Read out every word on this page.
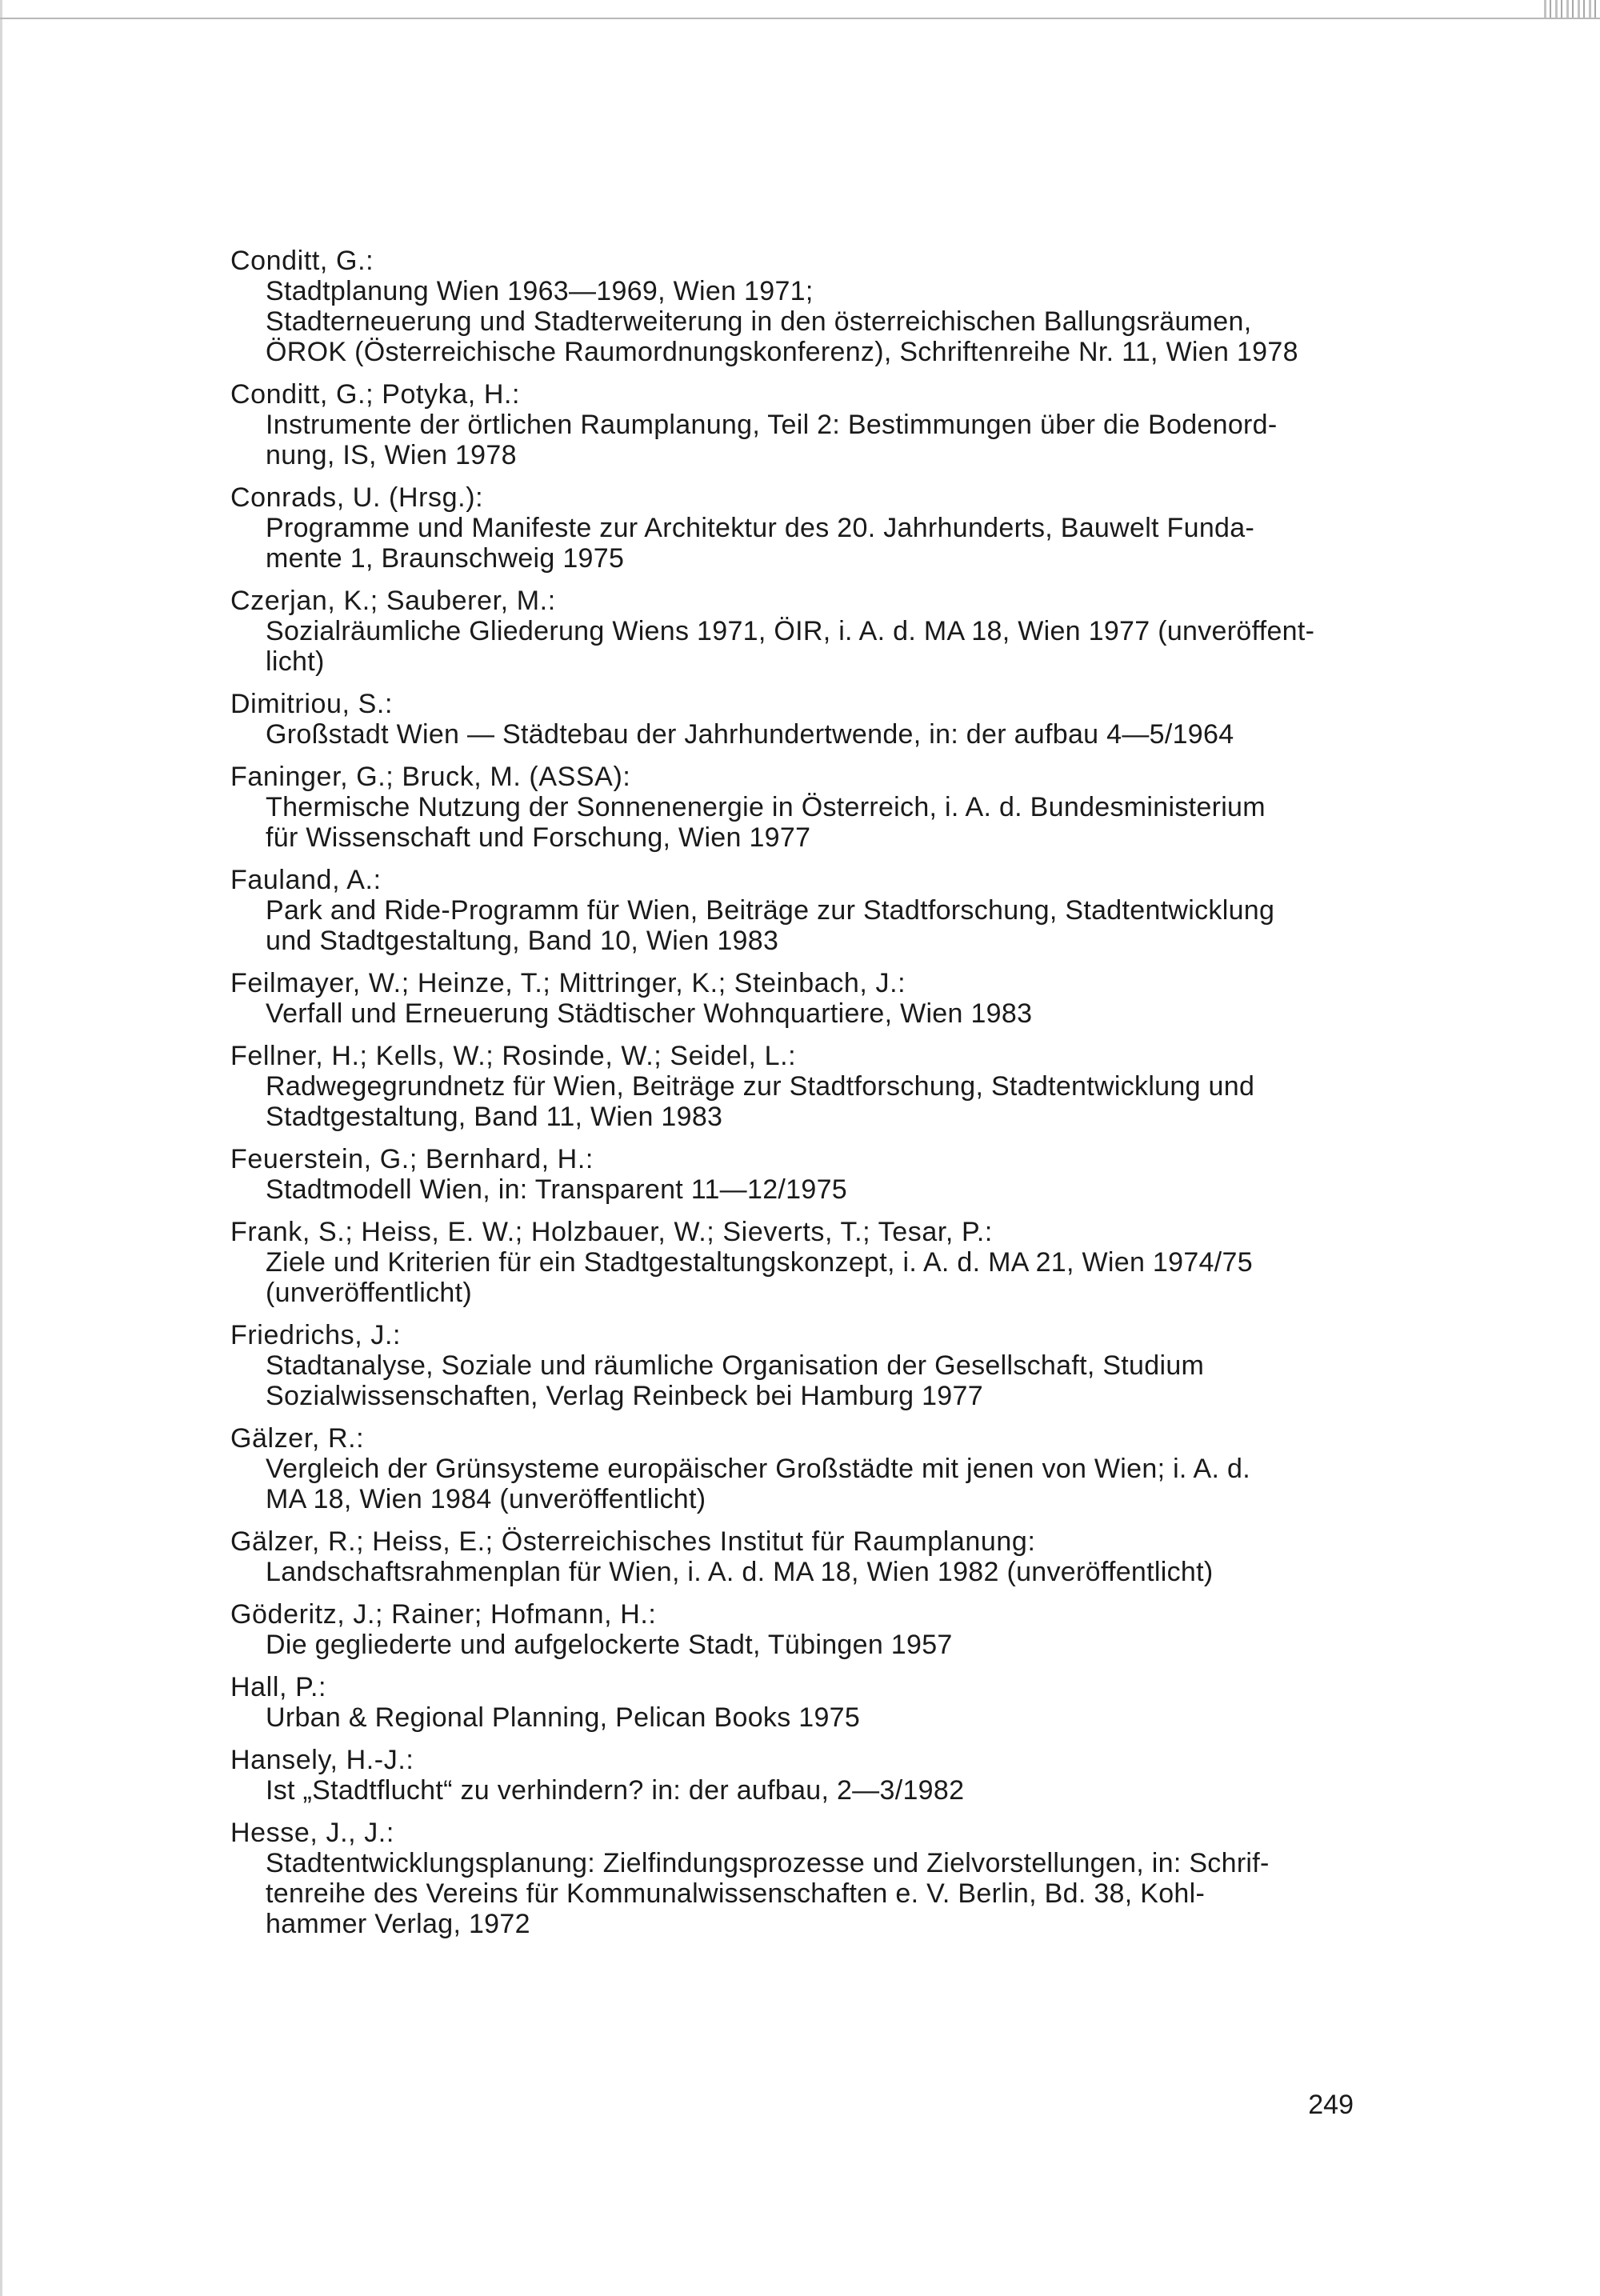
Conditt, G.:
Stadtplanung Wien 1963—1969, Wien 1971;
Stadterneuerung und Stadterweiterung in den österreichischen Ballungsräumen,
ÖROK (Österreichische Raumordnungskonferenz), Schriftenreihe Nr. 11, Wien 1978
Conditt, G.; Potyka, H.:
Instrumente der örtlichen Raumplanung, Teil 2: Bestimmungen über die Bodenord-
nung, IS, Wien 1978
Conrads, U. (Hrsg.):
Programme und Manifeste zur Architektur des 20. Jahrhunderts, Bauwelt Funda-
mente 1, Braunschweig 1975
Czerjan, K.; Sauberer, M.:
Sozialräumliche Gliederung Wiens 1971, ÖIR, i. A. d. MA 18, Wien 1977 (unveröffent-
licht)
Dimitriou, S.:
Großstadt Wien — Städtebau der Jahrhundertwende, in: der aufbau 4—5/1964
Faninger, G.; Bruck, M. (ASSA):
Thermische Nutzung der Sonnenenergie in Österreich, i. A. d. Bundesministerium
für Wissenschaft und Forschung, Wien 1977
Fauland, A.:
Park and Ride-Programm für Wien, Beiträge zur Stadtforschung, Stadtentwicklung
und Stadtgestaltung, Band 10, Wien 1983
Feilmayer, W.; Heinze, T.; Mittringer, K.; Steinbach, J.:
Verfall und Erneuerung Städtischer Wohnquartiere, Wien 1983
Fellner, H.; Kells, W.; Rosinde, W.; Seidel, L.:
Radwegegrundnetz für Wien, Beiträge zur Stadtforschung, Stadtentwicklung und
Stadtgestaltung, Band 11, Wien 1983
Feuerstein, G.; Bernhard, H.:
Stadtmodell Wien, in: Transparent 11—12/1975
Frank, S.; Heiss, E. W.; Holzbauer, W.; Sieverts, T.; Tesar, P.:
Ziele und Kriterien für ein Stadtgestaltungskonzept, i. A. d. MA 21, Wien 1974/75
(unveröffentlicht)
Friedrichs, J.:
Stadtanalyse, Soziale und räumliche Organisation der Gesellschaft, Studium
Sozialwissenschaften, Verlag Reinbeck bei Hamburg 1977
Gälzer, R.:
Vergleich der Grünsysteme europäischer Großstädte mit jenen von Wien; i. A. d.
MA 18, Wien 1984 (unveröffentlicht)
Gälzer, R.; Heiss, E.; Österreichisches Institut für Raumplanung:
Landschaftsrahmenplan für Wien, i. A. d. MA 18, Wien 1982 (unveröffentlicht)
Göderitz, J.; Rainer; Hofmann, H.:
Die gegliederte und aufgelockerte Stadt, Tübingen 1957
Hall, P.:
Urban & Regional Planning, Pelican Books 1975
Hansely, H.-J.:
Ist „Stadtflucht“ zu verhindern? in: der aufbau, 2—3/1982
Hesse, J., J.:
Stadtentwicklungsplanung: Zielfindungsprozesse und Zielvorstellungen, in: Schrif-
tenreihe des Vereins für Kommunalwissenschaften e. V. Berlin, Bd. 38, Kohl-
hammer Verlag, 1972
249
